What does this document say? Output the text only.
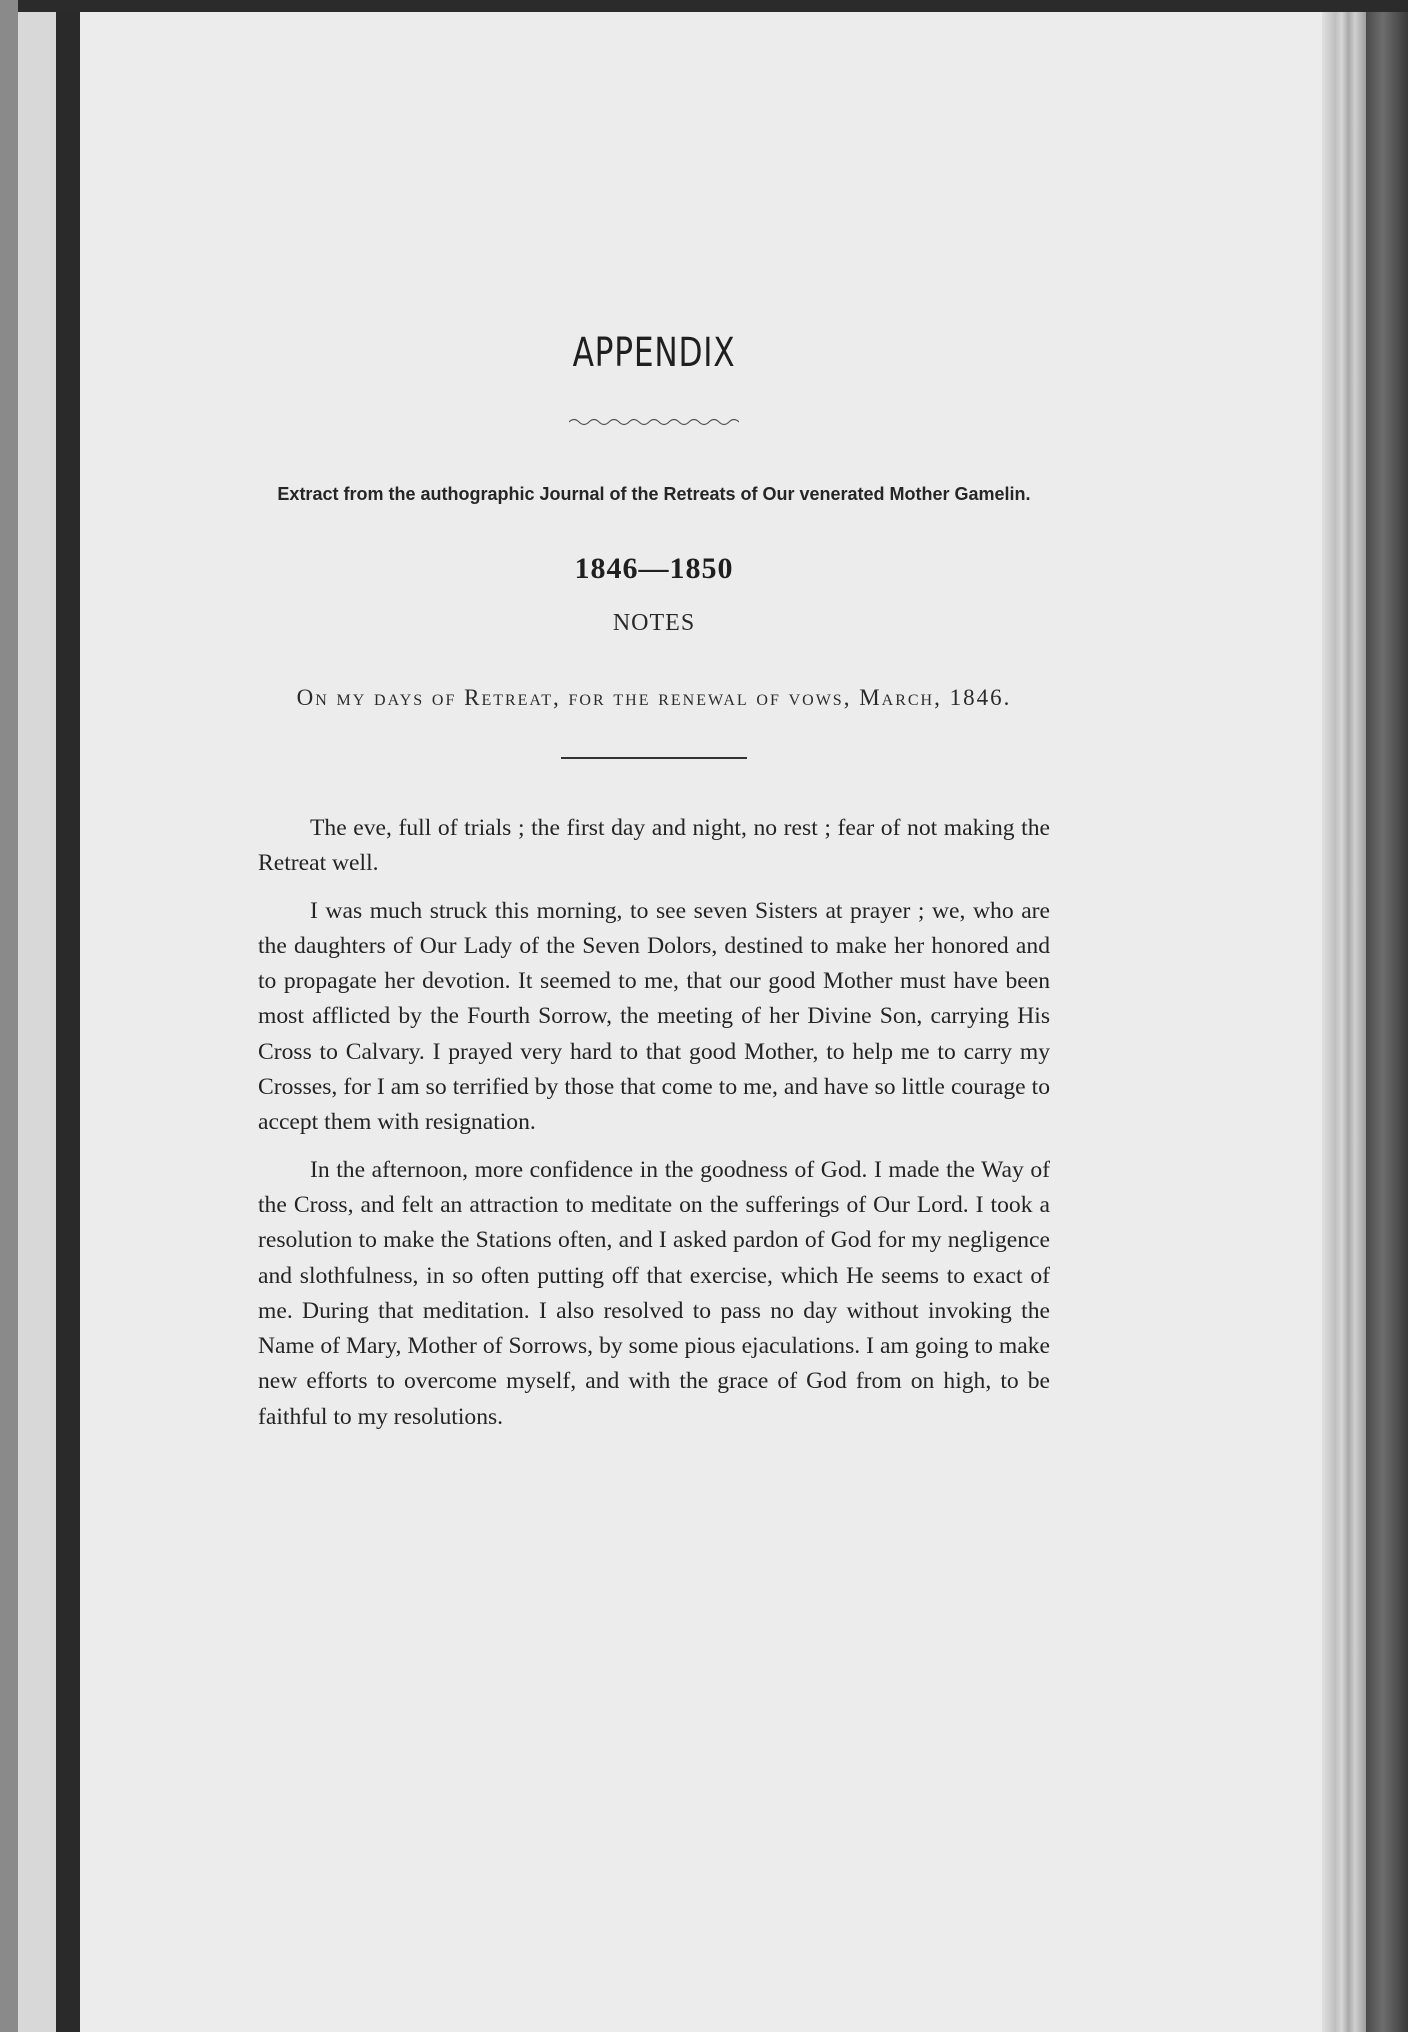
APPENDIX
Extract from the authographic Journal of the Retreats of Our venerated Mother Gamelin.
1846—1850
NOTES
On my days of Retreat, for the renewal of vows, March, 1846.

The eve, full of trials ; the first day and night, no rest ; fear of not making the Retreat well.

I was much struck this morning, to see seven Sisters at prayer ; we, who are the daughters of Our Lady of the Seven Dolors, destined to make her honored and to propagate her devotion. It seemed to me, that our good Mother must have been most afflicted by the Fourth Sorrow, the meeting of her Divine Son, carrying His Cross to Calvary. I prayed very hard to that good Mother, to help me to carry my Crosses, for I am so terrified by those that come to me, and have so little courage to accept them with resignation.

In the afternoon, more confidence in the goodness of God. I made the Way of the Cross, and felt an attraction to meditate on the sufferings of Our Lord. I took a resolution to make the Stations often, and I asked pardon of God for my negligence and slothfulness, in so often putting off that exercise, which He seems to exact of me. During that meditation. I also resolved to pass no day without invoking the Name of Mary, Mother of Sorrows, by some pious ejaculations. I am going to make new efforts to overcome myself, and with the grace of God from on high, to be faithful to my resolutions.
